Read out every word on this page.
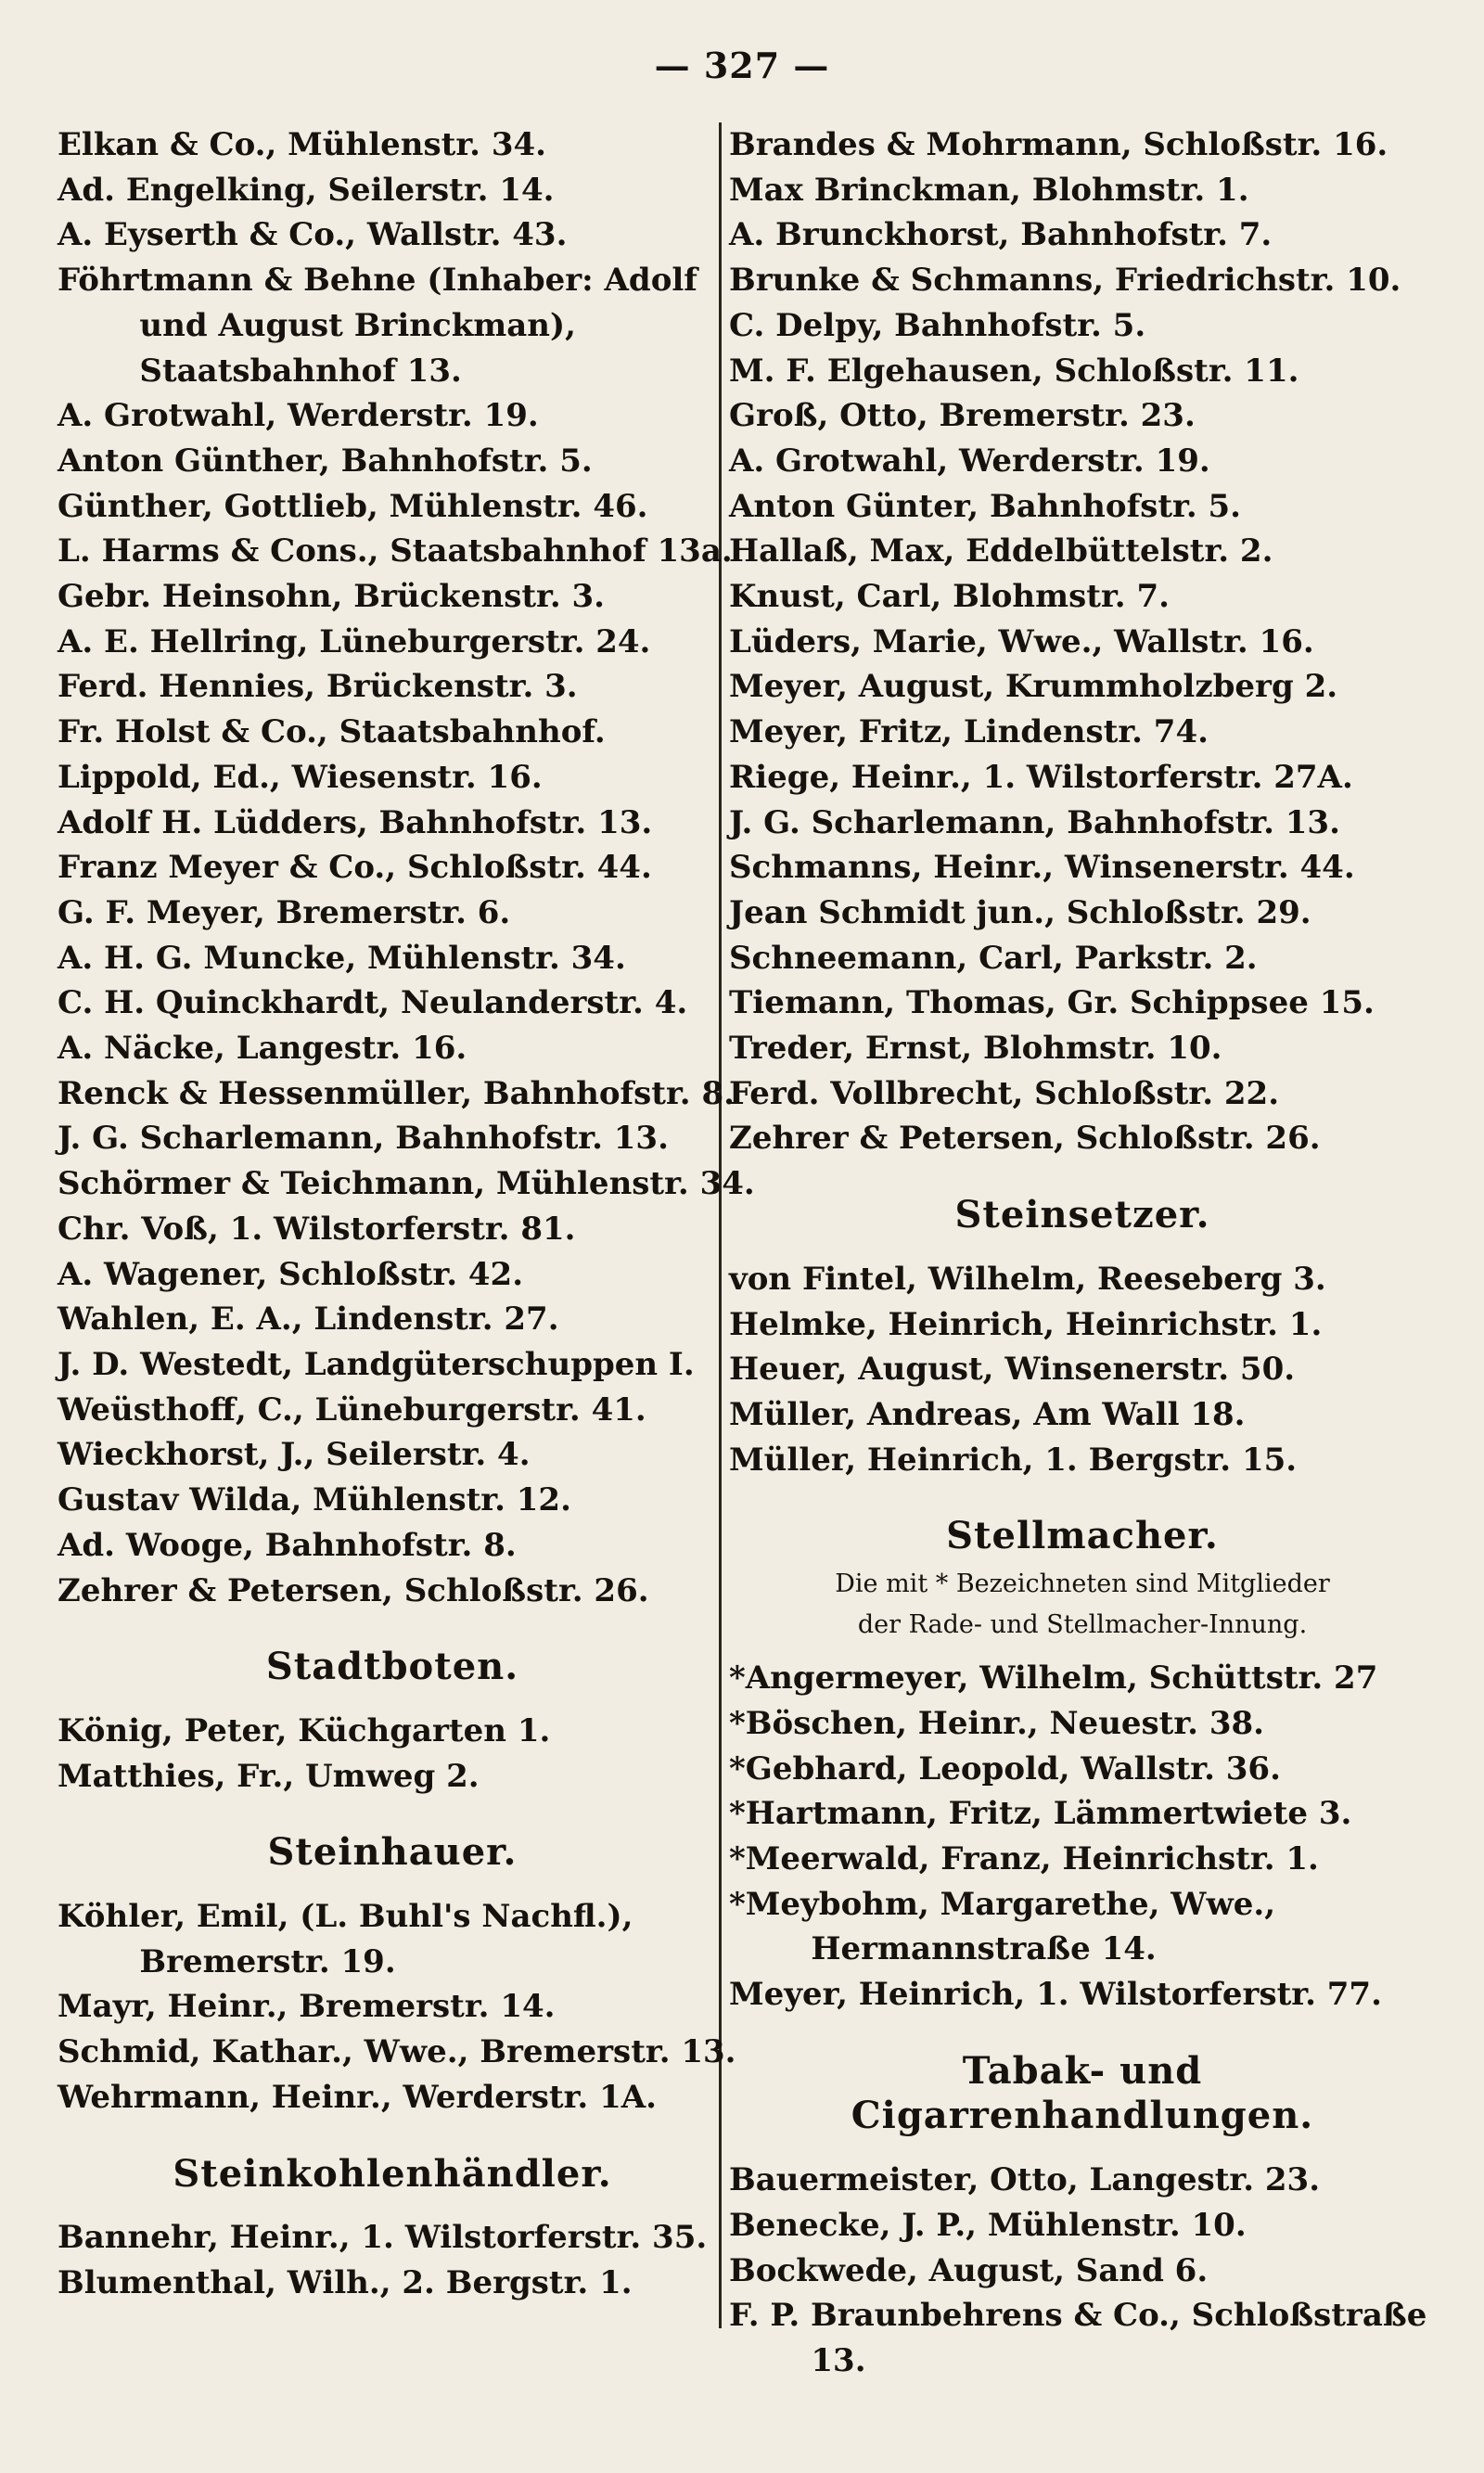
— 327 —
Elkan & Co., Mühlenstr. 34.
Ad. Engelking, Seilerstr. 14.
A. Eyserth & Co., Wallstr. 43.
Föhrtmann & Behne (Inhaber: Adolf und August Brinckman), Staatsbahnhof 13.
A. Grotwahl, Werderstr. 19.
Anton Günther, Bahnhofstr. 5.
Günther, Gottlieb, Mühlenstr. 46.
L. Harms & Cons., Staatsbahnhof 13a.
Gebr. Heinsohn, Brückenstr. 3.
A. E. Hellring, Lüneburgerstr. 24.
Ferd. Hennies, Brückenstr. 3.
Fr. Holst & Co., Staatsbahnhof.
Lippold, Ed., Wiesenstr. 16.
Adolf H. Lüdders, Bahnhofstr. 13.
Franz Meyer & Co., Schloßstr. 44.
G. F. Meyer, Bremerstr. 6.
A. H. G. Muncke, Mühlenstr. 34.
C. H. Quinckhardt, Neulanderstr. 4.
A. Näcke, Langestr. 16.
Renck & Hessenmüller, Bahnhofstr. 8.
J. G. Scharlemann, Bahnhofstr. 13.
Schörmer & Teichmann, Mühlenstr. 34.
Chr. Voß, 1. Wilstorferstr. 81.
A. Wagener, Schloßstr. 42.
Wahlen, E. A., Lindenstr. 27.
J. D. Westedt, Landgüterschuppen I.
Weüsthoff, C., Lüneburgerstr. 41.
Wieckhorst, J., Seilerstr. 4.
Gustav Wilda, Mühlenstr. 12.
Ad. Wooge, Bahnhofstr. 8.
Zehrer & Petersen, Schloßstr. 26.
Stadtboten.
König, Peter, Küchgarten 1.
Matthies, Fr., Umweg 2.
Steinhauer.
Köhler, Emil, (L. Buhl's Nachfl.), Bremerstr. 19.
Mayr, Heinr., Bremerstr. 14.
Schmid, Kathar., Wwe., Bremerstr. 13.
Wehrmann, Heinr., Werderstr. 1A.
Steinkohlenhändler.
Bannehr, Heinr., 1. Wilstorferstr. 35.
Blumenthal, Wilh., 2. Bergstr. 1.
Brandes & Mohrmann, Schloßstr. 16.
Max Brinckman, Blohmstr. 1.
A. Brunckhorst, Bahnhofstr. 7.
Brunke & Schmanns, Friedrichstr. 10.
C. Delpy, Bahnhofstr. 5.
M. F. Elgehausen, Schloßstr. 11.
Groß, Otto, Bremerstr. 23.
A. Grotwahl, Werderstr. 19.
Anton Günter, Bahnhofstr. 5.
Hallaß, Max, Eddelbüttelstr. 2.
Knust, Carl, Blohmstr. 7.
Lüders, Marie, Wwe., Wallstr. 16.
Meyer, August, Krummholzberg 2.
Meyer, Fritz, Lindenstr. 74.
Riege, Heinr., 1. Wilstorferstr. 27A.
J. G. Scharlemann, Bahnhofstr. 13.
Schmanns, Heinr., Winsenerstr. 44.
Jean Schmidt jun., Schloßstr. 29.
Schneemann, Carl, Parkstr. 2.
Tiemann, Thomas, Gr. Schippsee 15.
Treder, Ernst, Blohmstr. 10.
Ferd. Vollbrecht, Schloßstr. 22.
Zehrer & Petersen, Schloßstr. 26.
Steinsetzer.
von Fintel, Wilhelm, Reeseberg 3.
Helmke, Heinrich, Heinrichstr. 1.
Heuer, August, Winsenerstr. 50.
Müller, Andreas, Am Wall 18.
Müller, Heinrich, 1. Bergstr. 15.
Stellmacher.
Die mit * Bezeichneten sind Mitglieder
der Rade- und Stellmacher-Innung.
*Angermeyer, Wilhelm, Schüttstr. 27
*Böschen, Heinr., Neuestr. 38.
*Gebhard, Leopold, Wallstr. 36.
*Hartmann, Fritz, Lämmertwiete 3.
*Meerwald, Franz, Heinrichstr. 1.
*Meybohm, Margarethe, Wwe., Hermannstraße 14.
Meyer, Heinrich, 1. Wilstorferstr. 77.
Tabak- und Cigarrenhandlungen.
Bauermeister, Otto, Langestr. 23.
Benecke, J. P., Mühlenstr. 10.
Bockwede, August, Sand 6.
F. P. Braunbehrens & Co., Schloßstraße 13.
